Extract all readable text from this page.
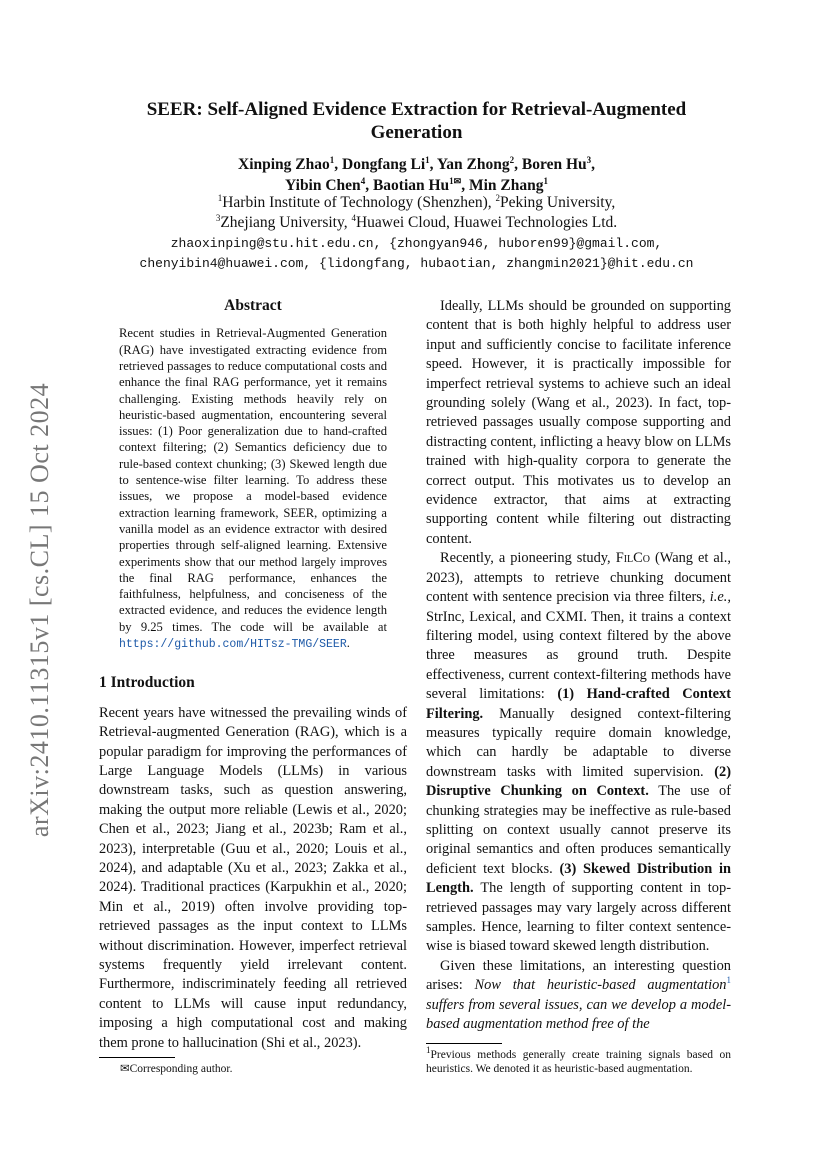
arXiv:2410.11315v1 [cs.CL] 15 Oct 2024
SEER: Self-Aligned Evidence Extraction for Retrieval-Augmented Generation
Xinping Zhao$^1$, Dongfang Li$^1$, Yan Zhong$^2$, Boren Hu$^3$,
Yibin Chen$^4$, Baotian $Hu^{1✉}$, Min Zhang$^1$
$^1$Harbin Institute of Technology (Shenzhen), $^2$Peking University,
$^3$Zhejiang University, $^4$Huawei Cloud, Huawei Technologies Ltd.
zhaoxinping@stu.hit.edu.cn, {zhongyan946, huboren99}@gmail.com,
chenyibin4@huawei.com, {lidongfang, hubaotian, zhangmin2021}@hit.edu.cn
Abstract

Recent studies in Retrieval-Augmented Generation (RAG) have investigated extracting evidence from retrieved passages to reduce computational costs and enhance the final RAG performance, yet it remains challenging. Existing methods heavily rely on heuristic-based augmentation, encountering several issues: (1) Poor generalization due to hand-crafted context filtering; (2) Semantics deficiency due to rule-based context chunking; (3) Skewed length due to sentence-wise filter learning. To address these issues, we propose a model-based evidence extraction learning framework, SEER, optimizing a vanilla model as an evidence extractor with desired properties through self-aligned learning. Extensive experiments show that our method largely improves the final RAG performance, enhances the faithfulness, helpfulness, and conciseness of the extracted evidence, and reduces the evidence length by 9.25 times. The code will be available at https://github.com/HITsz-TMG/SEER.

1 Introduction

Recent years have witnessed the prevailing winds of Retrieval-augmented Generation (RAG), which is a popular paradigm for improving the performances of Large Language Models (LLMs) in various downstream tasks, such as question answering, making the output more reliable (Lewis et al., 2020; Chen et al., 2023; Jiang et al., 2023b; Ram et al., 2023), interpretable (Guu et al., 2020; Louis et al., 2024), and adaptable (Xu et al., 2023; Zakka et al., 2024). Traditional practices (Karpukhin et al., 2020; Min et al., 2019) often involve providing top-retrieved passages as the input context to LLMs without discrimination. However, imperfect retrieval systems frequently yield irrelevant content. Furthermore, indiscriminately feeding all retrieved content to LLMs will cause input redundancy, imposing a high computational cost and making them prone to hallucination (Shi et al., 2023).

Ideally, LLMs should be grounded on supporting content that is both highly helpful to address user input and sufficiently concise to facilitate inference speed. However, it is practically impossible for imperfect retrieval systems to achieve such an ideal grounding solely (Wang et al., 2023). In fact, top-retrieved passages usually compose supporting and distracting content, inflicting a heavy blow on LLMs trained with high-quality corpora to generate the correct output. This motivates us to develop an evidence extractor, that aims at extracting supporting content while filtering out distracting content.

Recently, a pioneering study, FilCo (Wang et al., 2023), attempts to retrieve chunking document content with sentence precision via three filters, i.e., StrInc, Lexical, and CXMI. Then, it trains a context filtering model, using context filtered by the above three measures as ground truth. Despite effectiveness, current context-filtering methods have several limitations: (1) Hand-crafted Context Filtering. Manually designed context-filtering measures typically require domain knowledge, which can hardly be adaptable to diverse downstream tasks with limited supervision. (2) Disruptive Chunking on Context. The use of chunking strategies may be ineffective as rule-based splitting on context usually cannot preserve its original semantics and often produces semantically deficient text blocks. (3) Skewed Distribution in Length. The length of supporting content in top-retrieved passages may vary largely across different samples. Hence, learning to filter context sentence-wise is biased toward skewed length distribution.

Given these limitations, an interesting question arises: Now that heuristic-based augmentation$^1$ suffers from several issues, can we develop a model-based augmentation method free of the

✉Corresponding author.
$^1$Previous methods generally create training signals based on heuristics. We denoted it as heuristic-based augmentation.
